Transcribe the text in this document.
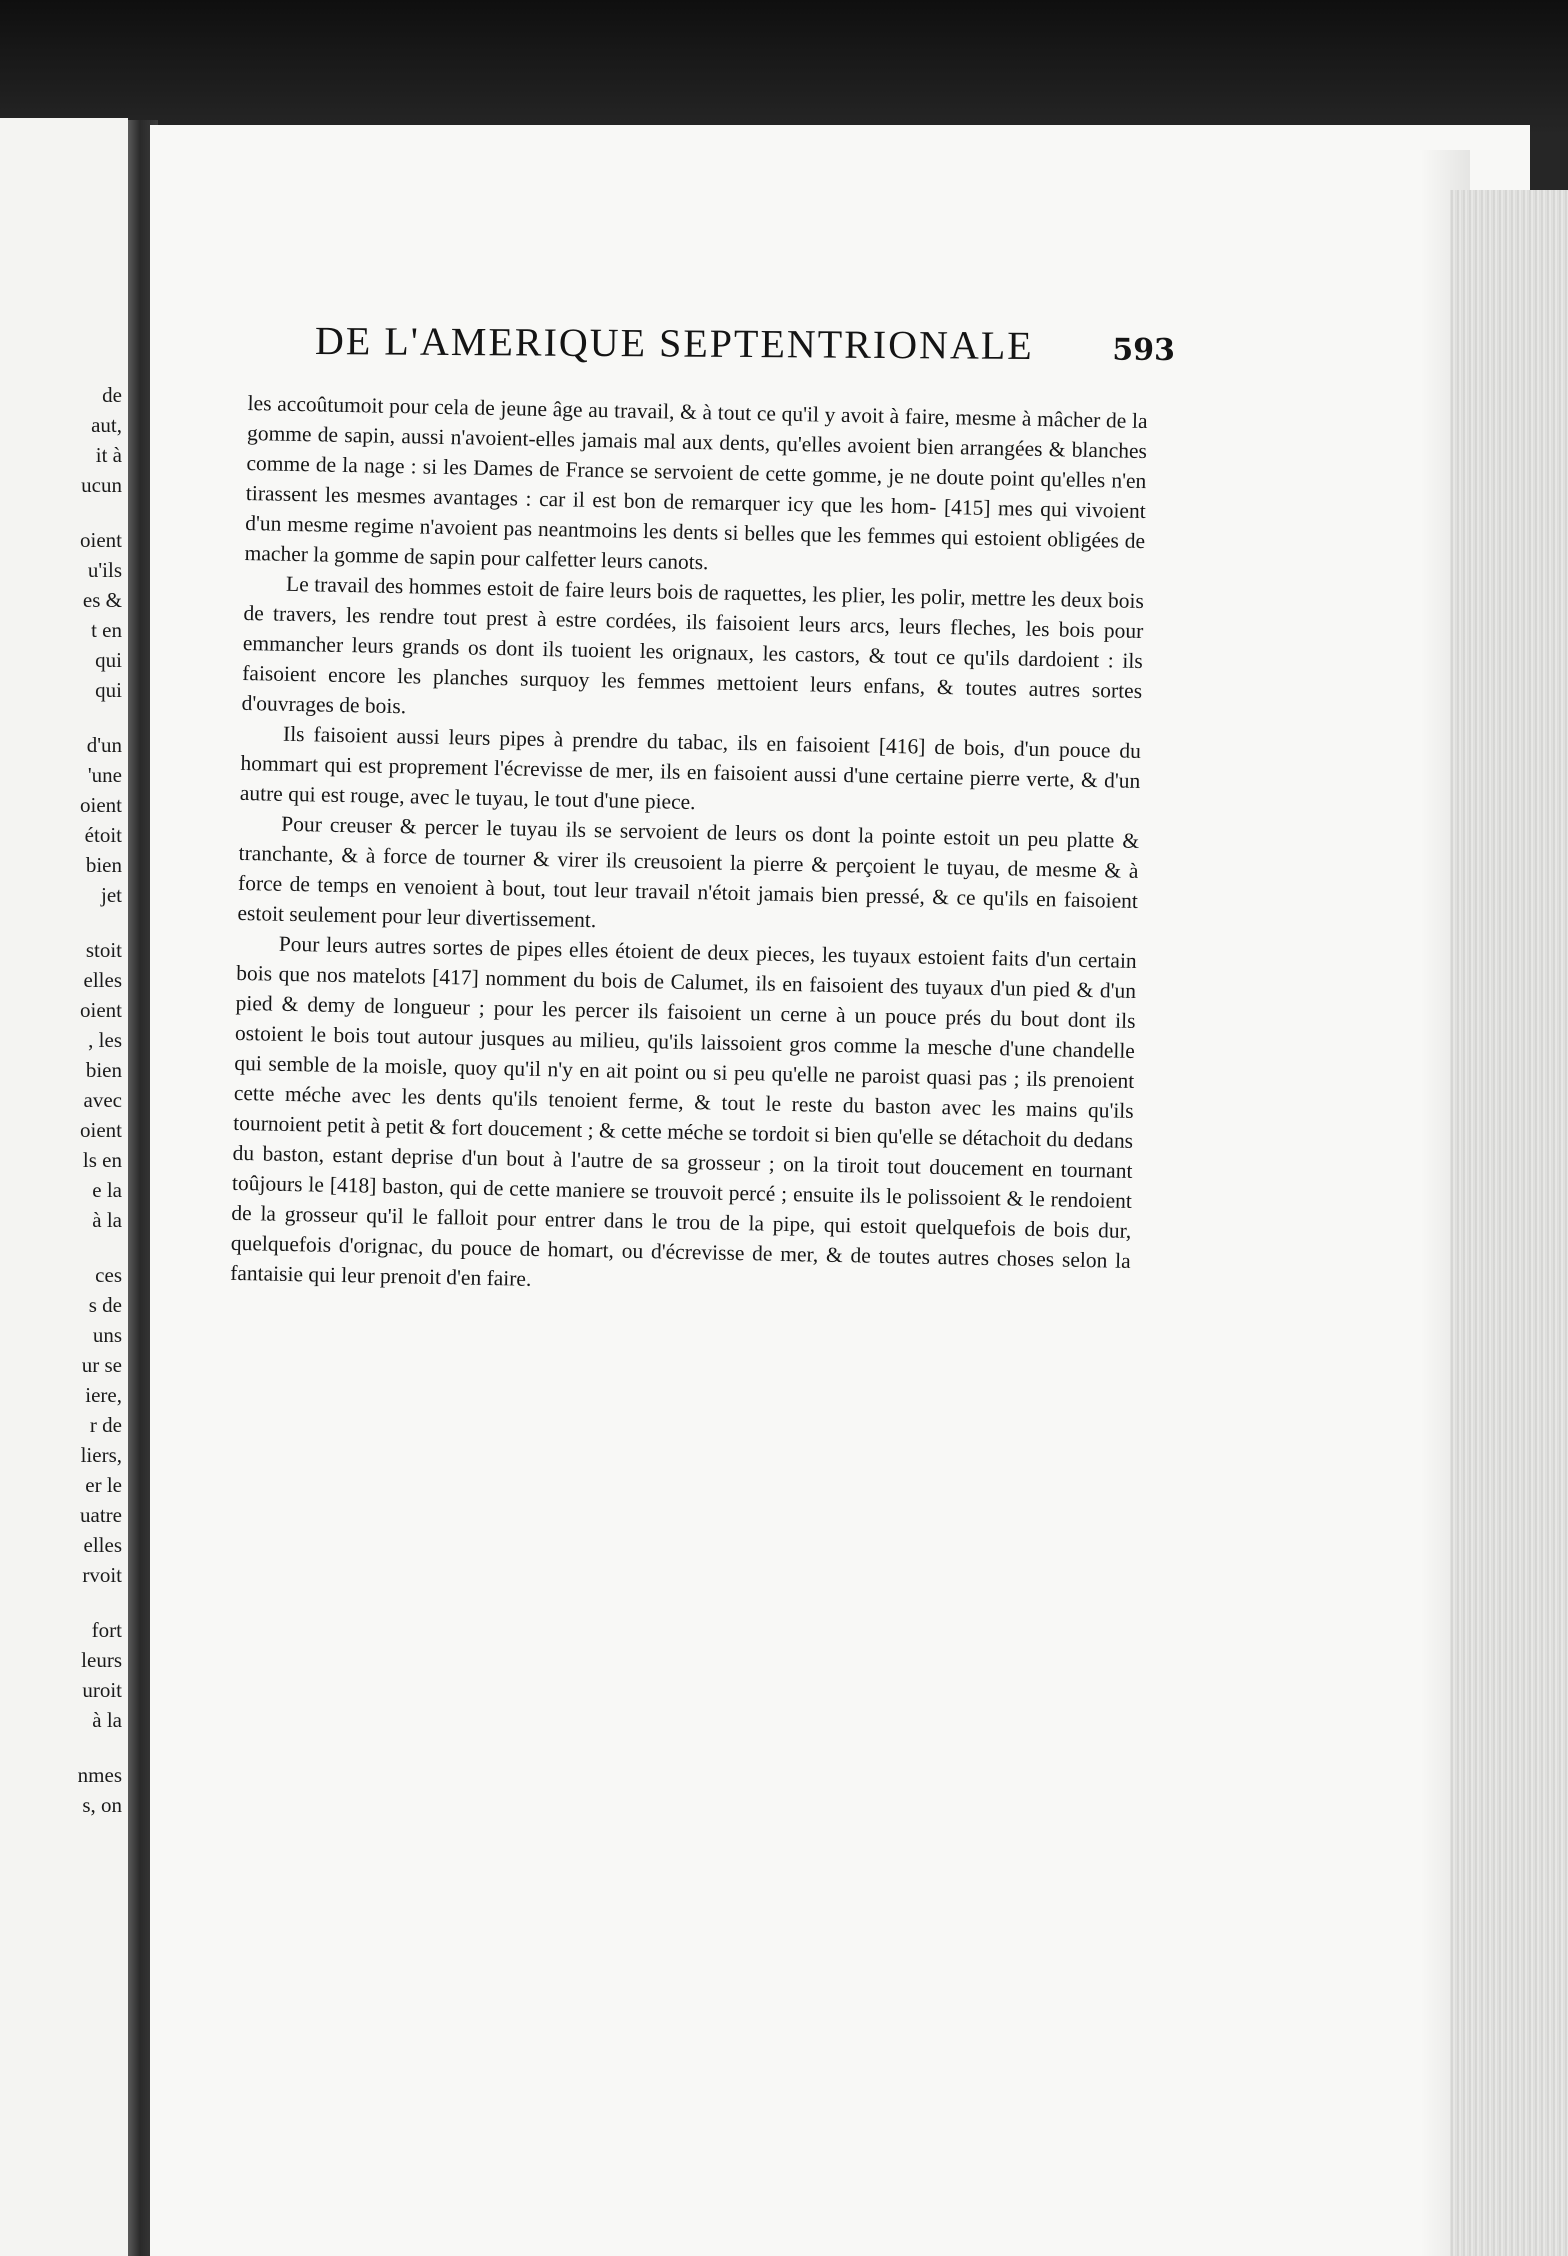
de
aut,
it à
ucun
oient
u'ils
es &
t en
qui
qui
d'un
'une
oient
étoit
bien
jet
stoit
elles
oient
, les
bien
avec
oient
ls en
e la
à la
ces
s de
uns
ur se
iere,
r de
liers,
er le
uatre
elles
rvoit
fort
leurs
uroit
à la
nmes
s, on
DE L'AMERIQUE SEPTENTRIONALE	593

les accoûtumoit pour cela de jeune âge au travail, & à tout ce qu'il y avoit à faire, mesme à mâcher de la gomme de sapin, aussi n'avoient-elles jamais mal aux dents, qu'elles avoient bien arrangées & blanches comme de la nage : si les Dames de France se servoient de cette gomme, je ne doute point qu'elles n'en tirassent les mesmes avantages : car il est bon de remarquer icy que les hom- [415] mes qui vivoient d'un mesme regime n'avoient pas neantmoins les dents si belles que les femmes qui estoient obligées de macher la gomme de sapin pour calfetter leurs canots.

Le travail des hommes estoit de faire leurs bois de raquettes, les plier, les polir, mettre les deux bois de travers, les rendre tout prest à estre cordées, ils faisoient leurs arcs, leurs fleches, les bois pour emmancher leurs grands os dont ils tuoient les orignaux, les castors, & tout ce qu'ils dardoient : ils faisoient encore les planches surquoy les femmes mettoient leurs enfans, & toutes autres sortes d'ouvrages de bois.

Ils faisoient aussi leurs pipes à prendre du tabac, ils en faisoient [416] de bois, d'un pouce du hommart qui est proprement l'écrevisse de mer, ils en faisoient aussi d'une certaine pierre verte, & d'un autre qui est rouge, avec le tuyau, le tout d'une piece.

Pour creuser & percer le tuyau ils se servoient de leurs os dont la pointe estoit un peu platte & tranchante, & à force de tourner & virer ils creusoient la pierre & perçoient le tuyau, de mesme & à force de temps en venoient à bout, tout leur travail n'étoit jamais bien pressé, & ce qu'ils en faisoient estoit seulement pour leur divertissement.

Pour leurs autres sortes de pipes elles étoient de deux pieces, les tuyaux estoient faits d'un certain bois que nos matelots [417] nomment du bois de Calumet, ils en faisoient des tuyaux d'un pied & d'un pied & demy de longueur ; pour les percer ils faisoient un cerne à un pouce prés du bout dont ils ostoient le bois tout autour jusques au milieu, qu'ils laissoient gros comme la mesche d'une chandelle qui semble de la moisle, quoy qu'il n'y en ait point ou si peu qu'elle ne paroist quasi pas ; ils prenoient cette méche avec les dents qu'ils tenoient ferme, & tout le reste du baston avec les mains qu'ils tournoient petit à petit & fort doucement ; & cette méche se tordoit si bien qu'elle se détachoit du dedans du baston, estant deprise d'un bout à l'autre de sa grosseur ; on la tiroit tout doucement en tournant toûjours le [418] baston, qui de cette maniere se trouvoit percé ; ensuite ils le polissoient & le rendoient de la grosseur qu'il le falloit pour entrer dans le trou de la pipe, qui estoit quelquefois de bois dur, quelquefois d'orignac, du pouce de homart, ou d'écrevisse de mer, & de toutes autres choses selon la fantaisie qui leur prenoit d'en faire.
